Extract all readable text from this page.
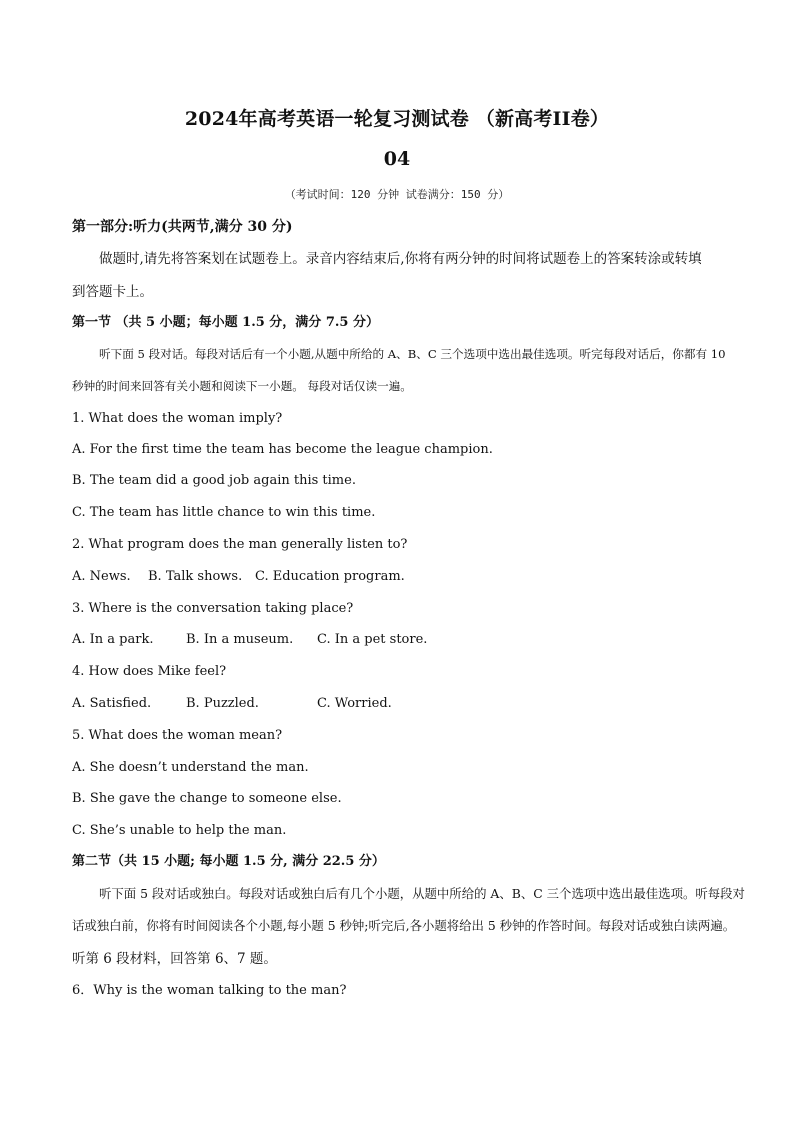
2024年高考英语一轮复习测试卷 （新高考II卷）
04
（考试时间：120 分钟 试卷满分：150 分）
第一部分:听力(共两节,满分 30 分)
做题时,请先将答案划在试题卷上。录音内容结束后,你将有两分钟的时间将试题卷上的答案转涂或转填
到答题卡上。
第一节 （共 5 小题；每小题 1.5 分，满分 7.5 分）
听下面 5 段对话。每段对话后有一个小题,从题中所给的 A、B、C 三个选项中选出最佳选项。听完每段对话后，你都有 10
秒钟的时间来回答有关小题和阅读下一小题。 每段对话仅读一遍。
1. What does the woman imply?
A. For the first time the team has become the league champion.
B. The team did a good job again this time.
C. The team has little chance to win this time.
2. What program does the man generally listen to?
A. News. B. Talk shows. C. Education program.
3. Where is the conversation taking place?
A. In a park.	B. In a museum. C. In a pet store.
4. How does Mike feel?
A. Satisfied.	B. Puzzled.	C. Worried.
5. What does the woman mean?
A. She doesn’t understand the man.
B. She gave the change to someone else.
C. She’s unable to help the man.
第二节（共 15 小题; 每小题 1.5 分, 满分 22.5 分）
听下面 5 段对话或独白。每段对话或独白后有几个小题，从题中所给的 A、B、C 三个选项中选出最佳选项。听每段对
话或独白前，你将有时间阅读各个小题,每小题 5 秒钟;听完后,各小题将给出 5 秒钟的作答时间。每段对话或独白读两遍。
听第 6 段材料，回答第 6、7 题。
6．Why is the woman talking to the man?
